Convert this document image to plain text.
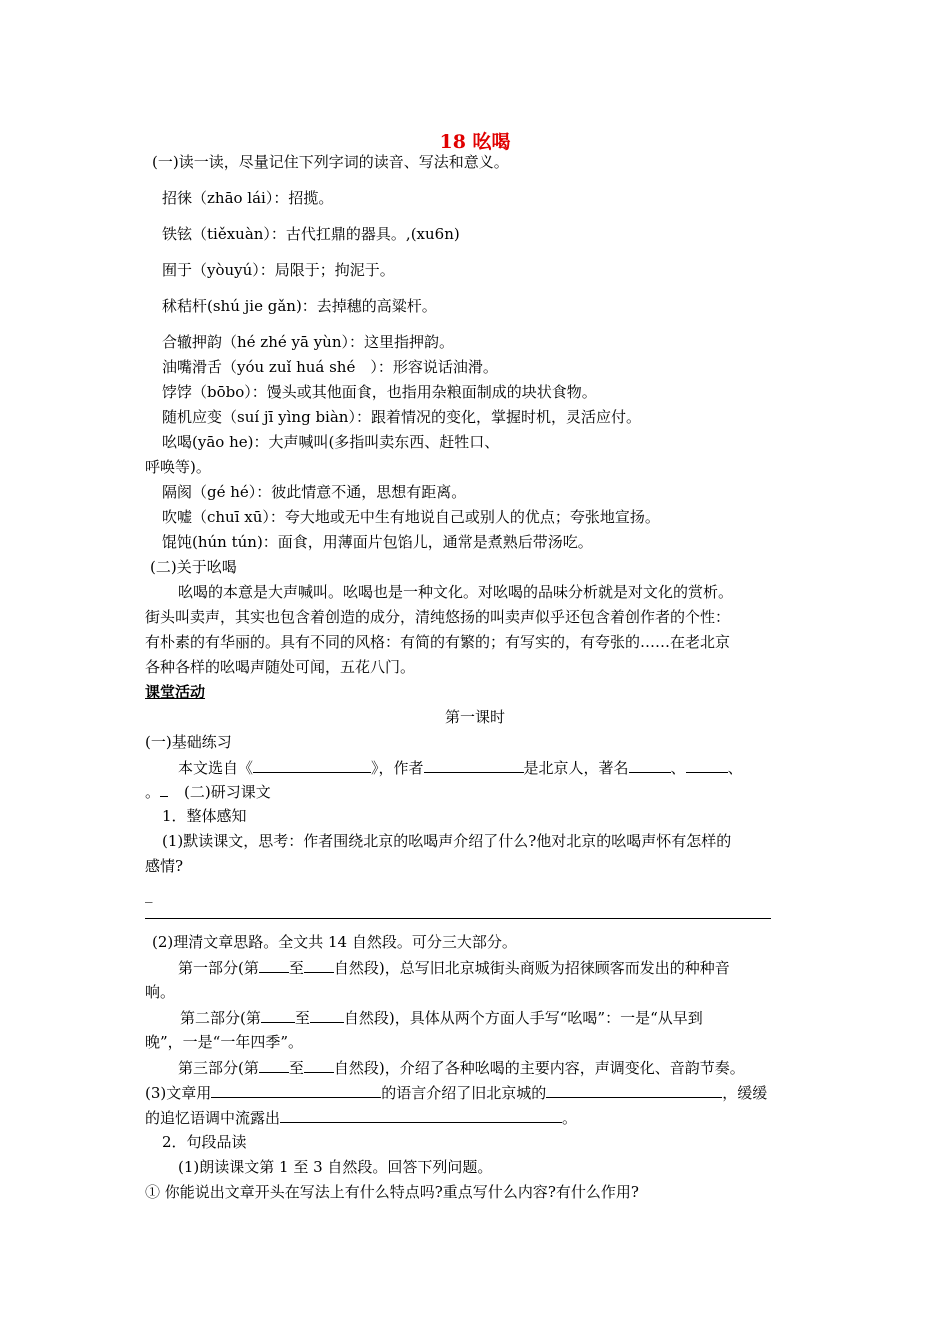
18 吆喝
(一)读一读，尽量记住下列字词的读音、写法和意义。
招徕（zhāo lái）：招揽。
铁铉（tiěxuàn）：古代扛鼎的器具。,(xu6n)
囿于（yòuyú）：局限于；拘泥于。
秫秸杆(shú jie gǎn)：去掉穗的高粱杆。
合辙押韵（hé zhé yā yùn）：这里指押韵。
油嘴滑舌（yóu zuǐ huá shé　）：形容说话油滑。
饽饽（bōbo）：馒头或其他面食，也指用杂粮面制成的块状食物。
随机应变（suí jī yìng biàn）：跟着情况的变化，掌握时机，灵活应付。
吆喝(yāo he)：大声喊叫(多指叫卖东西、赶牲口、
呼唤等)。
隔阂（gé hé）：彼此情意不通，思想有距离。
吹嘘（chuī xū）：夸大地或无中生有地说自己或别人的优点；夸张地宣扬。
馄饨(hún tún)：面食，用薄面片包馅儿，通常是煮熟后带汤吃。
(二)关于吆喝
吆喝的本意是大声喊叫。吆喝也是一种文化。对吆喝的品味分析就是对文化的赏析。
街头叫卖声，其实也包含着创造的成分，清纯悠扬的叫卖声似乎还包含着创作者的个性：
有朴素的有华丽的。具有不同的风格：有简的有繁的；有写实的，有夸张的……在老北京
各种各样的吆喝声随处可闻，五花八门。
课堂活动
第一课时
(一)基础练习
本文选自《	》，作者	是北京人，著名	、	、
。 (二)研习课文
1．整体感知
(1)默读课文，思考：作者围绕北京的吆喝声介绍了什么?他对北京的吆喝声怀有怎样的
感情?
_
(2)理清文章思路。全文共 14 自然段。可分三大部分。
第一部分(第 至 自然段)，总写旧北京城街头商贩为招徕顾客而发出的种种音
响。
第二部分(第 至 自然段)，具体从两个方面人手写“吆喝”：一是“从早到
晚”，一是“一年四季”。
第三部分(第 至 自然段)，介绍了各种吆喝的主要内容，声调变化、音韵节奏。
(3)文章用	的语言介绍了旧北京城的	，缓缓
的追忆语调中流露出	。
2．句段品读
(1)朗读课文第 1 至 3 自然段。回答下列问题。
① 你能说出文章开头在写法上有什么特点吗?重点写什么内容?有什么作用?
